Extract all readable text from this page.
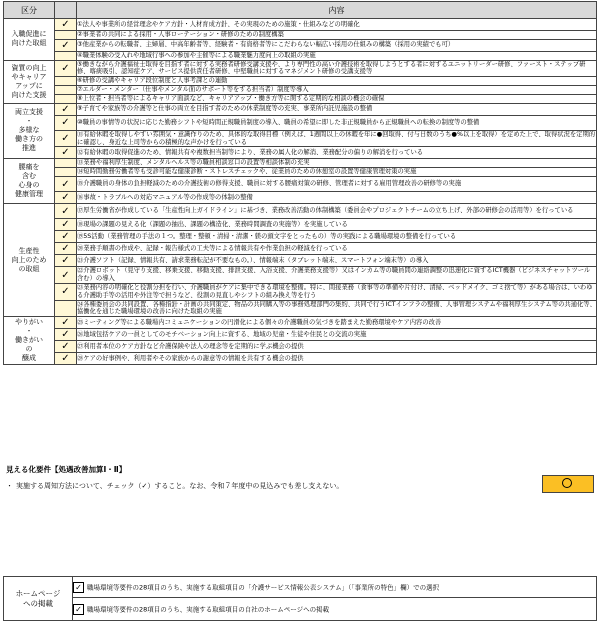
区分		内容
入職促進に
向けた取組	✓	①法人や事業所の経営理念やケア方針・人材育成方針、その実現のための施策・仕組みなどの明確化
		②事業者の共同による採用・人事ローテーション・研修のための制度構築
	✓	③他産業からの転職者、主婦層、中高年齢者等、経験者・有資格者等にこだわらない幅広い採用の仕組みの構築（採用の実績でも可）
		④職業体験の受入れや地域行事への参加や主催等による職業魅力度向上の取組の実施
資質の向上
やキャリア
アップに
向けた支援	✓	⑤働きながら介護福祉士取得を目指す者に対する実務者研修受講支援や、より専門性の高い介護技術を取得しようとする者に対するユニットリーダー研修、ファースト・ステップ研修、喀痰吸引、認知症ケア、サービス提供責任者研修、中堅職員に対するマネジメント研修の受講支援等
		⑥研修の受講やキャリア段位制度と人事考課との連動
		⑦エルダー・メンター（仕事やメンタル面のサポート等をする担当者）制度等導入
		⑧上位者・担当者等によるキャリア面談など、キャリアアップ・働き方等に関する定期的な相談の機会の確保
両立支援
・
多様な
働き方の
推進	✓	⑨子育てや家族等の介護等と仕事の両立を目指す者のための休業制度等の充実、事業所内託児施設の整備
	✓	⑩職員の事情等の状況に応じた勤務シフトや短時間正規職員制度の導入、職員の希望に即した非正規職員から正規職員への転換の制度等の整備
	✓	⑪有給休暇を取得しやすい雰囲気・意識作りのため、具体的な取得目標（例えば、1週間以上の休暇を年に●回取得、付与日数のうち●%以上を取得）を定めた上で、取得状況を定期的に確認し、身近な上司等からの積極的な声かけを行っている
	✓	⑫有給休暇の取得促進のため、情報共有や複数担当制等により、業務の属人化の解消、業務配分の偏りの解消を行っている
腰痛を
含む
心身の
健康管理		⑬業務や福利厚生制度、メンタルヘルス等の職員相談窓口の設置等相談体制の充実
		⑭短時間勤務労働者等も受診可能な健康診断・ストレスチェックや、従業員のための休憩室の設置等健康管理対策の実施
	✓	⑮介護職員の身体の負担軽減のための介護技術の修得支援、職員に対する腰痛対策の研修、管理者に対する雇用管理改善の研修等の実施
	✓	⑯事故・トラブルへの対応マニュアル等の作成等の体制の整備
生産性
向上のため
の取組	✓	⑰厚生労働省が作成している「生産性向上ガイドライン」に基づき、業務改善活動の体制構築（委員会やプロジェクトチームの立ち上げ、外部の研修会の活用等）を行っている
	✓	⑱現場の課題の見える化（課題の抽出、課題の構造化、業務時間調査の実施等）を実施している
	✓	⑲5S活動（業務管理の手法の１つ。整理・整頓・清掃・清潔・躾の頭文字をとったもの）等の実践による職場環境の整備を行っている
	✓	⑳業務手順書の作成や、記録・報告様式の工夫等による情報共有や作業負担の軽減を行っている
	✓	㉑介護ソフト（記録、情報共有、請求業務転記が不要なもの。）、情報端末（タブレット端末、スマートフォン端末等）の導入
	✓	㉒介護ロボット（見守り支援、移乗支援、移動支援、排泄支援、入浴支援、介護業務支援等）又はインカム等の職員間の連絡調整の迅速化に資するICT機器（ビジネスチャットツール含む）の導入
	✓	㉓業務内容の明確化と役割分担を行い、介護職員がケアに集中できる環境を整備。特に、間接業務（食事等の準備や片付け、清掃、ベッドメイク、ゴミ捨て等）がある場合は、いわゆる介護助手等の活用や外注等で担うなど、役割の見直しやシフトの組み換え等を行う
		㉔各種委員会の共同設置、各種指針・計画の共同策定、物品の共同購入等の事務処理部門の集約、共同で行うICTインフラの整備、人事管理システムや福利厚生システム等の共通化等、協働化を通じた職場環境の改善に向けた取組の実施
やりがい
・
働きがい
の
醸成	✓	㉕ミーティング等による職場内コミュニケーションの円滑化による個々の介護職員の気づきを踏まえた勤務環境やケア内容の改善
	✓	㉖地域包括ケアの一員としてのモチベーション向上に資する、地域の児童・生徒や住民との交流の実施
	✓	㉗利用者本位のケア方針など介護保険や法人の理念等を定期的に学ぶ機会の提供
	✓	㉘ケアの好事例や、利用者やその家族からの謝意等の情報を共有する機会の提供
見える化要件【処遇改善加算Ⅰ・Ⅱ】
・ 実施する周知方法について、チェック（✓）すること。なお、令和７年度中の見込みでも差し支えない。
ホームページ
への掲載	✓ 職場環境等要件の28項目のうち、実施する取組項目の「介護サービス情報公表システム」（「事業所の特色」欄）での選択
✓ 職場環境等要件の28項目のうち、実施する取組項目の自社のホームページへの掲載
